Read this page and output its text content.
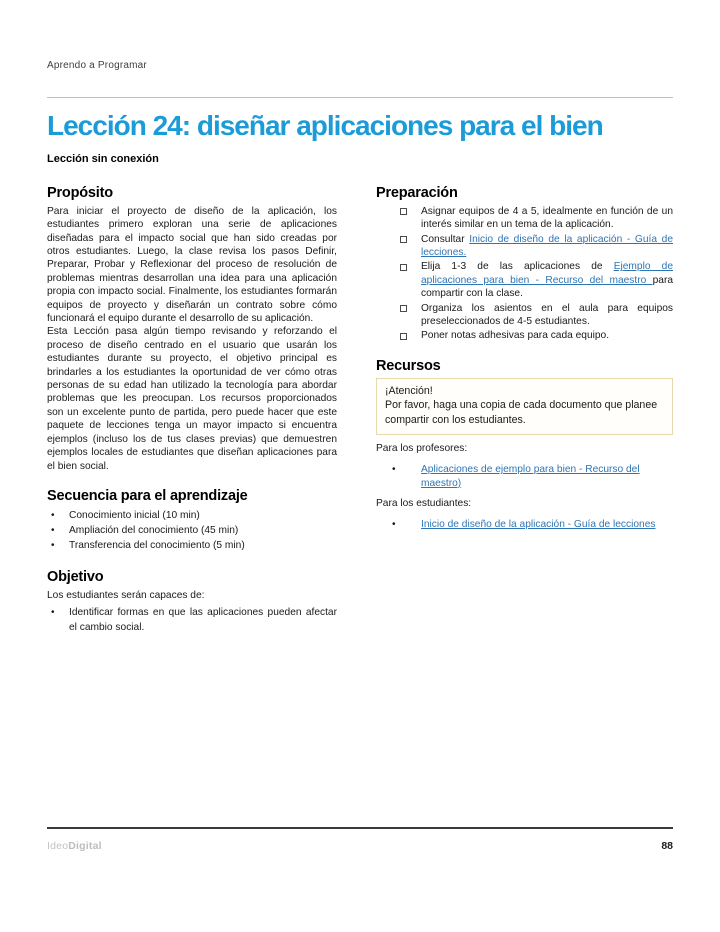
Aprendo a Programar
Lección 24: diseñar aplicaciones para el bien
Lección sin conexión
Propósito

Para iniciar el proyecto de diseño de la aplicación, los estudiantes primero exploran una serie de aplicaciones diseñadas para el impacto social que han sido creadas por otros estudiantes. Luego, la clase revisa los pasos Definir, Preparar, Probar y Reflexionar del proceso de resolución de problemas mientras desarrollan una idea para una aplicación propia con impacto social. Finalmente, los estudiantes formarán equipos de proyecto y diseñarán un contrato sobre cómo funcionará el equipo durante el desarrollo de su aplicación.

Esta Lección pasa algún tiempo revisando y reforzando el proceso de diseño centrado en el usuario que usarán los estudiantes durante su proyecto, el objetivo principal es brindarles a los estudiantes la oportunidad de ver cómo otras personas de su edad han utilizado la tecnología para abordar problemas que les preocupan. Los recursos proporcionados son un excelente punto de partida, pero puede hacer que este paquete de lecciones tenga un mayor impacto si encuentra ejemplos (incluso los de tus clases previas) que demuestren ejemplos locales de estudiantes que diseñan aplicaciones para el bien social.

Secuencia para el aprendizaje
• Conocimiento inicial (10 min)
• Ampliación del conocimiento (45 min)
• Transferencia del conocimiento (5 min)
Objetivo

Los estudiantes serán capaces de:

• Identificar formas en que las aplicaciones pueden afectar el cambio social.
Preparación
Asignar equipos de 4 a 5, idealmente en función de un interés similar en un tema de la aplicación.
Consultar Inicio de diseño de la aplicación - Guía de lecciones.
Elija 1-3 de las aplicaciones de Ejemplo de aplicaciones para bien - Recurso del maestro para compartir con la clase.
Organiza los asientos en el aula para equipos preseleccionados de 4-5 estudiantes.
Poner notas adhesivas para cada equipo.
Recursos
¡Atención!
Por favor, haga una copia de cada documento que planee compartir con los estudiantes.
Para los profesores:
• Aplicaciones de ejemplo para bien - Recurso del maestro)
Para los estudiantes:
• Inicio de diseño de la aplicación - Guía de lecciones
IdeoDigital	88
